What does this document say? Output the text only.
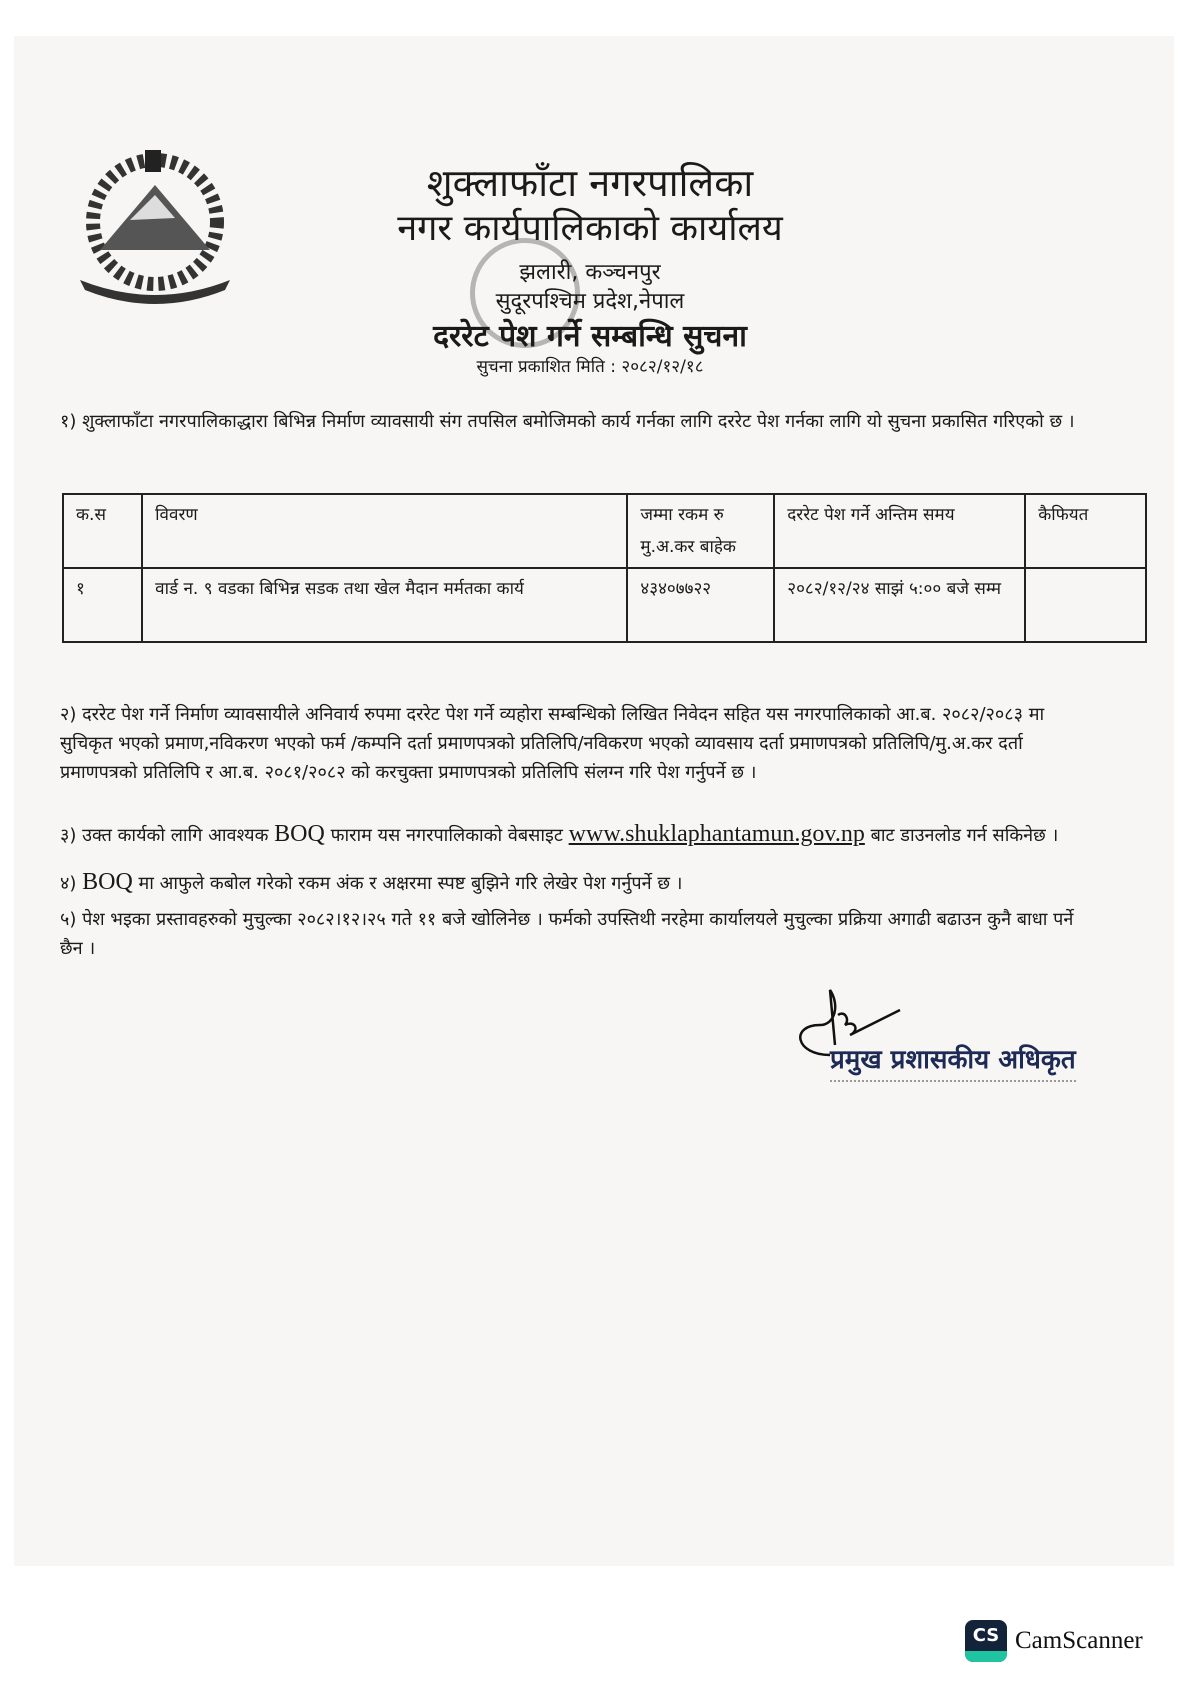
शुक्लाफाँटा नगरपालिका
नगर कार्यपालिकाको कार्यालय
झलारी, कञ्चनपुर
सुदूरपश्चिम प्रदेश,नेपाल
दररेट पेश गर्ने सम्बन्धि सुचना
सुचना प्रकाशित मिति : २०८२/१२/१८
१) शुक्लाफाँटा नगरपालिकाद्धारा बिभिन्न निर्माण व्यावसायी संग तपसिल बमोजिमको कार्य गर्नका लागि दररेट पेश गर्नका लागि यो सुचना प्रकासित गरिएको छ ।
क.स	विवरण	जम्मा रकम रु मु.अ.कर बाहेक	दररेट पेश गर्ने अन्तिम समय	कैफियत
१	वार्ड न. ९ वडका बिभिन्न सडक तथा खेल मैदान मर्मतका कार्य	४३४०७७२२	२०८२/१२/२४ साझं ५:०० बजे सम्म	
२) दररेट पेश गर्ने निर्माण व्यावसायीले अनिवार्य रुपमा दररेट पेश गर्ने व्यहोरा सम्बन्धिको लिखित निवेदन सहित यस नगरपालिकाको आ.ब. २०८२/२०८३ मा सुचिकृत भएको प्रमाण,नविकरण भएको फर्म /कम्पनि दर्ता प्रमाणपत्रको प्रतिलिपि/नविकरण भएको व्यावसाय दर्ता प्रमाणपत्रको प्रतिलिपि/मु.अ.कर दर्ता प्रमाणपत्रको प्रतिलिपि र आ.ब. २०८१/२०८२ को करचुक्ता प्रमाणपत्रको प्रतिलिपि संलग्न गरि पेश गर्नुपर्ने छ ।
३) उक्त कार्यको लागि आवश्यक BOQ फाराम यस नगरपालिकाको वेबसाइट www.shuklaphantamun.gov.np बाट डाउनलोड गर्न सकिनेछ ।
४) BOQ मा आफुले कबोल गरेको रकम अंक र अक्षरमा स्पष्ट बुझिने गरि लेखेर पेश गर्नुपर्ने छ ।
५) पेश भइका प्रस्तावहरुको मुचुल्का २०८२।१२।२५ गते ११ बजे खोलिनेछ । फर्मको उपस्तिथी नरहेमा कार्यालयले मुचुल्का प्रक्रिया अगाढी बढाउन कुनै बाधा पर्ने छैन ।
प्रमुख प्रशासकीय अधिकृत
CS CamScanner
